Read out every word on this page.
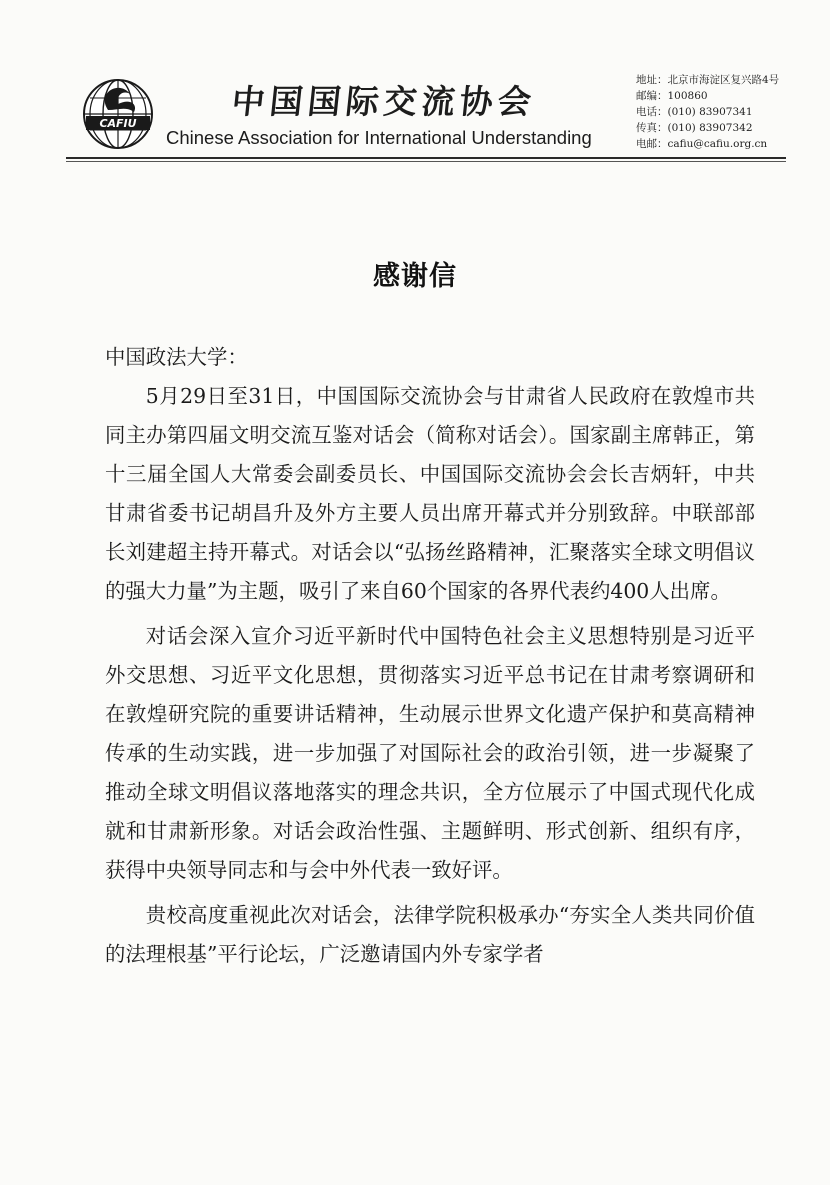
CAFIU
中国国际交流协会
Chinese Association for International Understanding
地址：北京市海淀区复兴路4号
邮编：100860
电话：(010) 83907341
传真：(010) 83907342
电邮：cafiu@cafiu.org.cn
感谢信

中国政法大学：

5月29日至31日，中国国际交流协会与甘肃省人民政府在敦煌市共同主办第四届文明交流互鉴对话会（简称对话会）。国家副主席韩正，第十三届全国人大常委会副委员长、中国国际交流协会会长吉炳轩，中共甘肃省委书记胡昌升及外方主要人员出席开幕式并分别致辞。中联部部长刘建超主持开幕式。对话会以“弘扬丝路精神，汇聚落实全球文明倡议的强大力量”为主题，吸引了来自60个国家的各界代表约400人出席。

对话会深入宣介习近平新时代中国特色社会主义思想特别是习近平外交思想、习近平文化思想，贯彻落实习近平总书记在甘肃考察调研和在敦煌研究院的重要讲话精神，生动展示世界文化遗产保护和莫高精神传承的生动实践，进一步加强了对国际社会的政治引领，进一步凝聚了推动全球文明倡议落地落实的理念共识，全方位展示了中国式现代化成就和甘肃新形象。对话会政治性强、主题鲜明、形式创新、组织有序，获得中央领导同志和与会中外代表一致好评。

贵校高度重视此次对话会，法律学院积极承办“夯实全人类共同价值的法理根基”平行论坛，广泛邀请国内外专家学者
